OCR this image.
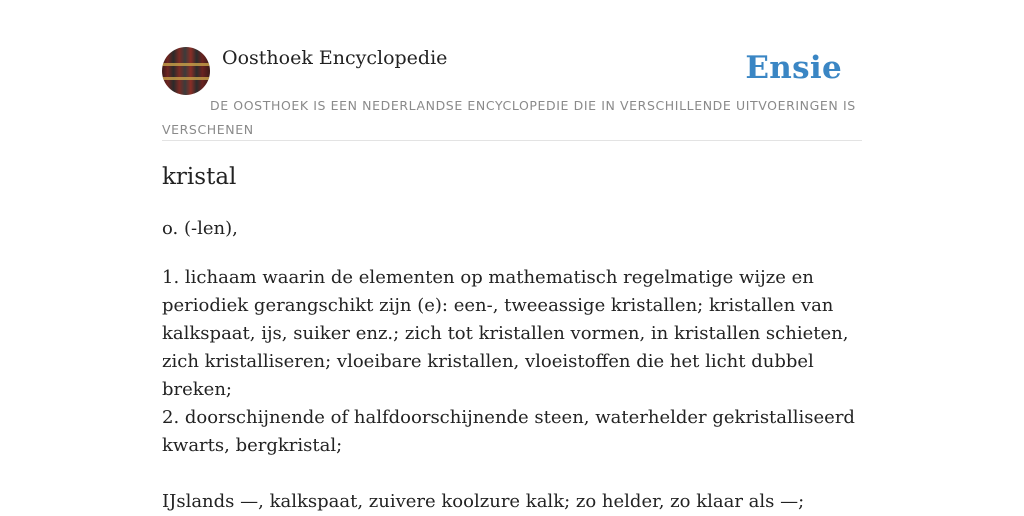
Oosthoek Encyclopedie	Ensie
DE OOSTHOEK IS EEN NEDERLANDSE ENCYCLOPEDIE DIE IN VERSCHILLENDE UITVOERINGEN IS VERSCHENEN
kristal
o. (-len),

1. lichaam waarin de elementen op mathematisch regelmatige wijze en periodiek gerangschikt zijn (e): een-, tweeassige kristallen; kristallen van kalkspaat, ijs, suiker enz.; zich tot kristallen vormen, in kristallen schieten, zich kristalliseren; vloeibare kristallen, vloeistoffen die het licht dubbel breken;

2. doorschijnende of halfdoorschijnende steen, waterhelder gekristalliseerd kwarts, bergkristal;

IJslands —, kalkspaat, zuivere koolzure kalk; zo helder, zo klaar als —;
